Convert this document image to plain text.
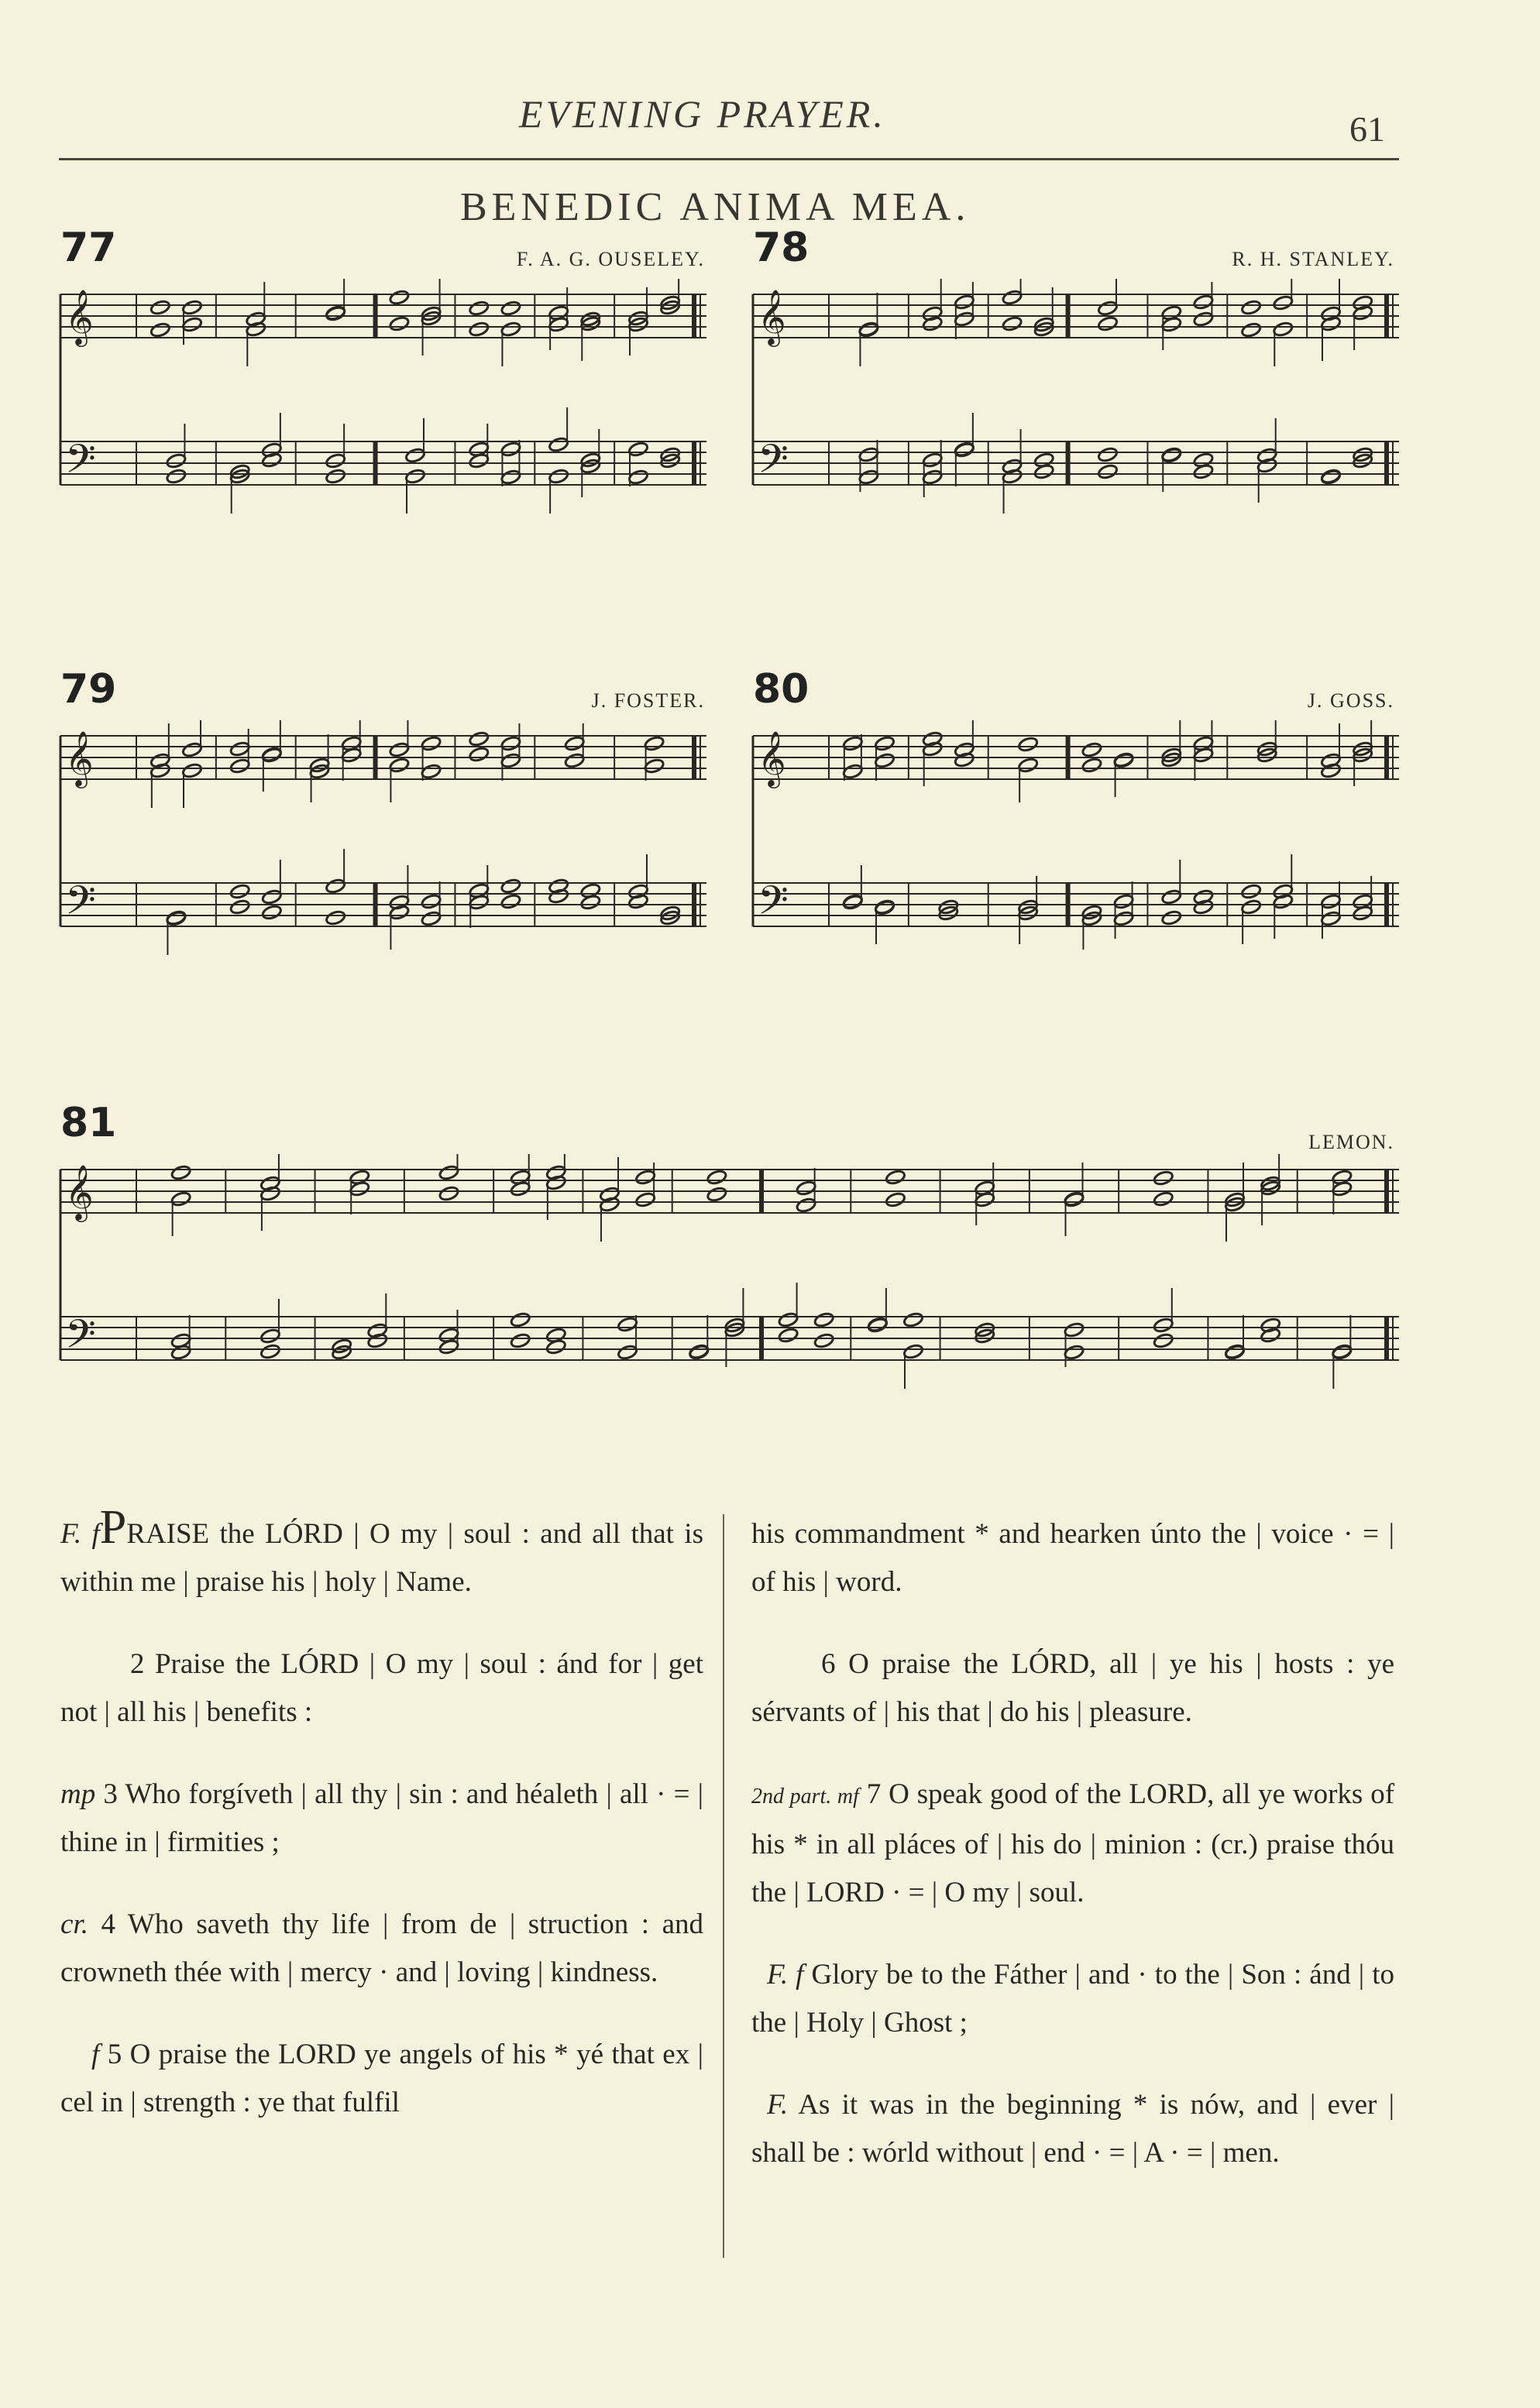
EVENING PRAYER.	61
BENEDIC ANIMA MEA.
77	F. A. G. OUSELEY.
𝄞
𝄢
78	R. H. STANLEY.
𝄞
𝄢
79	J. FOSTER.
𝄞
𝄢
80	J. GOSS.
𝄞
𝄢
81	LEMON.
𝄞
𝄢

F. fPRAISE the LÓRD | O my | soul : and all that is within me | praise his | holy | Name.

2 Praise the LÓRD | O my | soul : ánd for | get not | all his | benefits :

mp 3 Who forgíveth | all thy | sin : and héaleth | all · = | thine in | firmities ;

cr. 4 Who saveth thy life | from de | struction : and crowneth thée with | mercy · and | loving | kindness.

f 5 O praise the LORD ye angels of his * yé that ex | cel in | strength : ye that fulfil

his commandment * and hearken únto the | voice · = | of his | word.

6 O praise the LÓRD, all | ye his | hosts : ye sérvants of | his that | do his | pleasure.

2nd part. mf 7 O speak good of the LORD, all ye works of his * in all pláces of | his do | minion : (cr.) praise thóu the | LORD · = | O my | soul.

F. f Glory be to the Fáther | and · to the | Son : ánd | to the | Holy | Ghost ;

F. As it was in the beginning * is nów, and | ever | shall be : wórld without | end · = | A · = | men.
